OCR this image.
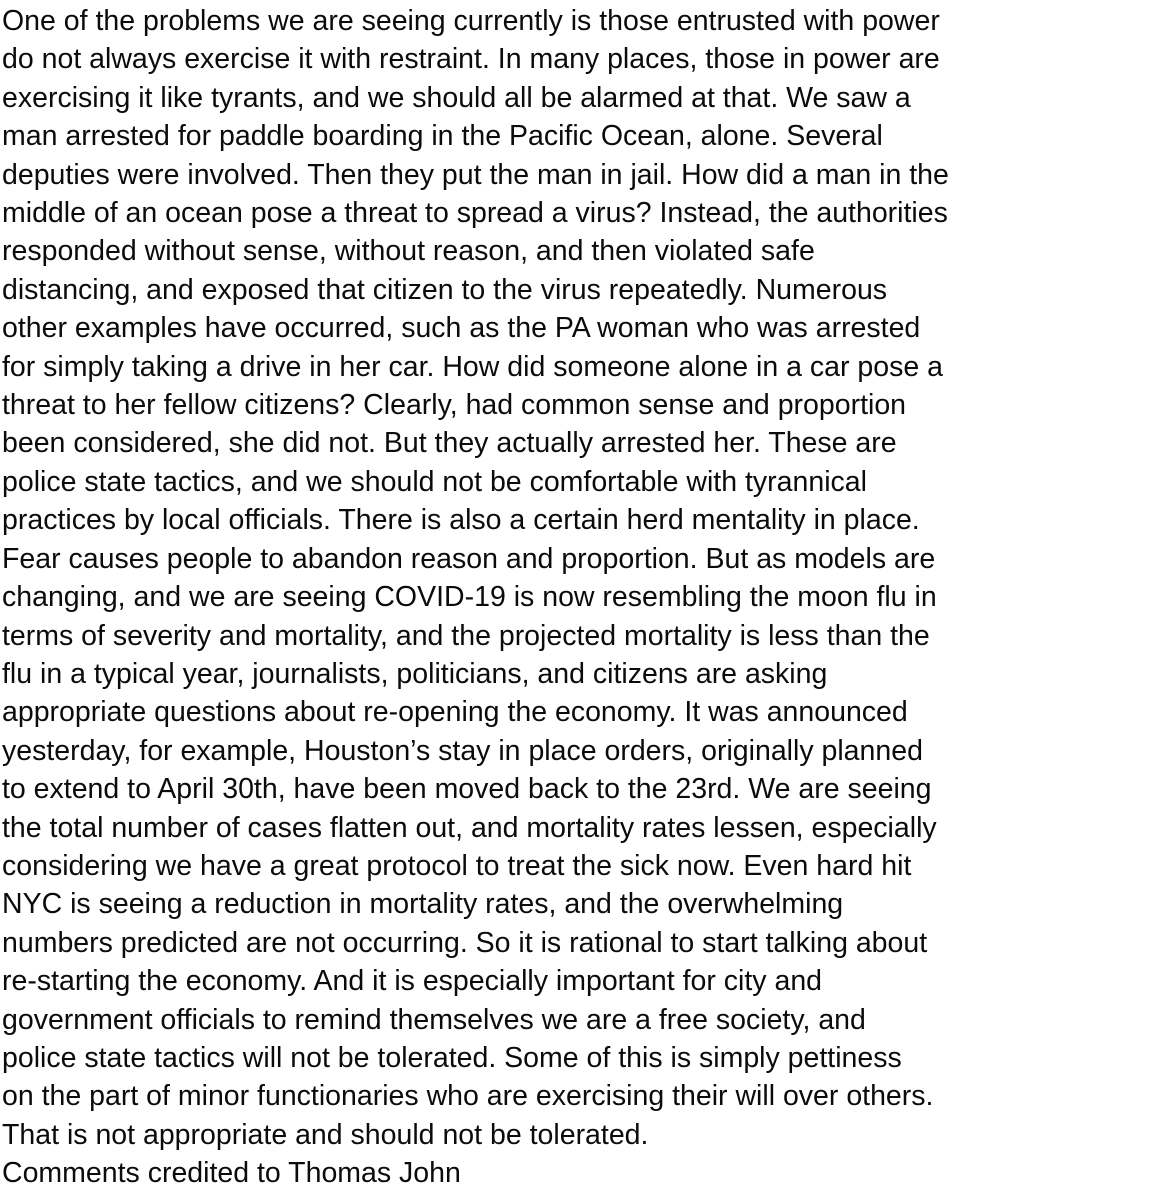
One of the problems we are seeing currently is those entrusted with power
do not always exercise it with restraint. In many places, those in power are
exercising it like tyrants, and we should all be alarmed at that. We saw a
man arrested for paddle boarding in the Pacific Ocean, alone. Several
deputies were involved. Then they put the man in jail. How did a man in the
middle of an ocean pose a threat to spread a virus? Instead, the authorities
responded without sense, without reason, and then violated safe
distancing, and exposed that citizen to the virus repeatedly. Numerous
other examples have occurred, such as the PA woman who was arrested
for simply taking a drive in her car. How did someone alone in a car pose a
threat to her fellow citizens? Clearly, had common sense and proportion
been considered, she did not. But they actually arrested her. These are
police state tactics, and we should not be comfortable with tyrannical
practices by local officials. There is also a certain herd mentality in place.
Fear causes people to abandon reason and proportion. But as models are
changing, and we are seeing COVID-19 is now resembling the moon flu in
terms of severity and mortality, and the projected mortality is less than the
flu in a typical year, journalists, politicians, and citizens are asking
appropriate questions about re-opening the economy. It was announced
yesterday, for example, Houston’s stay in place orders, originally planned
to extend to April 30th, have been moved back to the 23rd. We are seeing
the total number of cases flatten out, and mortality rates lessen, especially
considering we have a great protocol to treat the sick now. Even hard hit
NYC is seeing a reduction in mortality rates, and the overwhelming
numbers predicted are not occurring. So it is rational to start talking about
re-starting the economy. And it is especially important for city and
government officials to remind themselves we are a free society, and
police state tactics will not be tolerated. Some of this is simply pettiness
on the part of minor functionaries who are exercising their will over others.
That is not appropriate and should not be tolerated.
Comments credited to Thomas John
